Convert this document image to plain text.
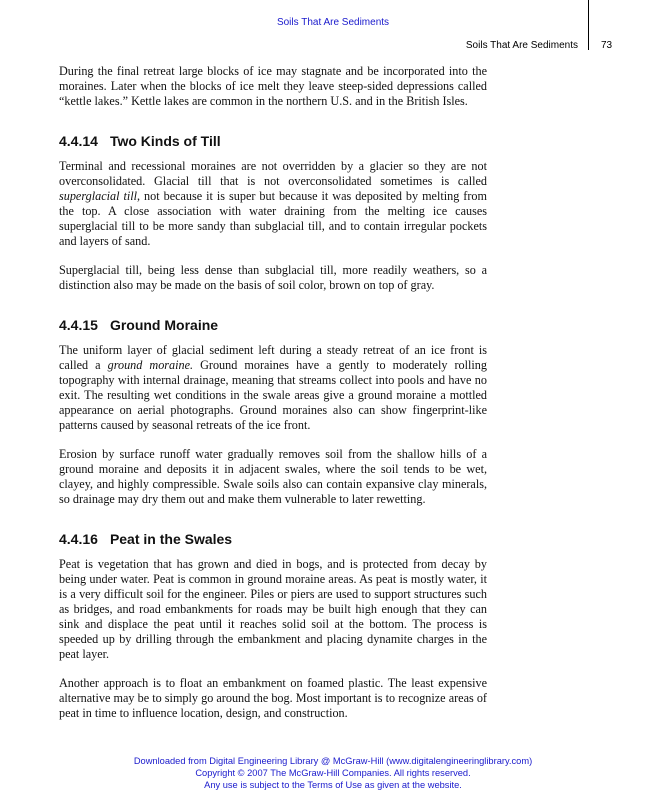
Soils That Are Sediments
Soils That Are Sediments 73

During the final retreat large blocks of ice may stagnate and be incorporated into the moraines. Later when the blocks of ice melt they leave steep-sided depressions called “kettle lakes.” Kettle lakes are common in the northern U.S. and in the British Isles.

4.4.14 Two Kinds of Till

Terminal and recessional moraines are not overridden by a glacier so they are not overconsolidated. Glacial till that is not overconsolidated sometimes is called superglacial till, not because it is super but because it was deposited by melting from the top. A close association with water draining from the melting ice causes superglacial till to be more sandy than subglacial till, and to contain irregular pockets and layers of sand.

Superglacial till, being less dense than subglacial till, more readily weathers, so a distinction also may be made on the basis of soil color, brown on top of gray.

4.4.15 Ground Moraine

The uniform layer of glacial sediment left during a steady retreat of an ice front is called a ground moraine. Ground moraines have a gently to moderately rolling topography with internal drainage, meaning that streams collect into pools and have no exit. The resulting wet conditions in the swale areas give a ground moraine a mottled appearance on aerial photographs. Ground moraines also can show fingerprint-like patterns caused by seasonal retreats of the ice front.

Erosion by surface runoff water gradually removes soil from the shallow hills of a ground moraine and deposits it in adjacent swales, where the soil tends to be wet, clayey, and highly compressible. Swale soils also can contain expansive clay minerals, so drainage may dry them out and make them vulnerable to later rewetting.

4.4.16 Peat in the Swales

Peat is vegetation that has grown and died in bogs, and is protected from decay by being under water. Peat is common in ground moraine areas. As peat is mostly water, it is a very difficult soil for the engineer. Piles or piers are used to support structures such as bridges, and road embankments for roads may be built high enough that they can sink and displace the peat until it reaches solid soil at the bottom. The process is speeded up by drilling through the embankment and placing dynamite charges in the peat layer.

Another approach is to float an embankment on foamed plastic. The least expensive alternative may be to simply go around the bog. Most important is to recognize areas of peat in time to influence location, design, and construction.

Downloaded from Digital Engineering Library @ McGraw-Hill (www.digitalengineeringlibrary.com)
Copyright © 2007 The McGraw-Hill Companies. All rights reserved.
Any use is subject to the Terms of Use as given at the website.
